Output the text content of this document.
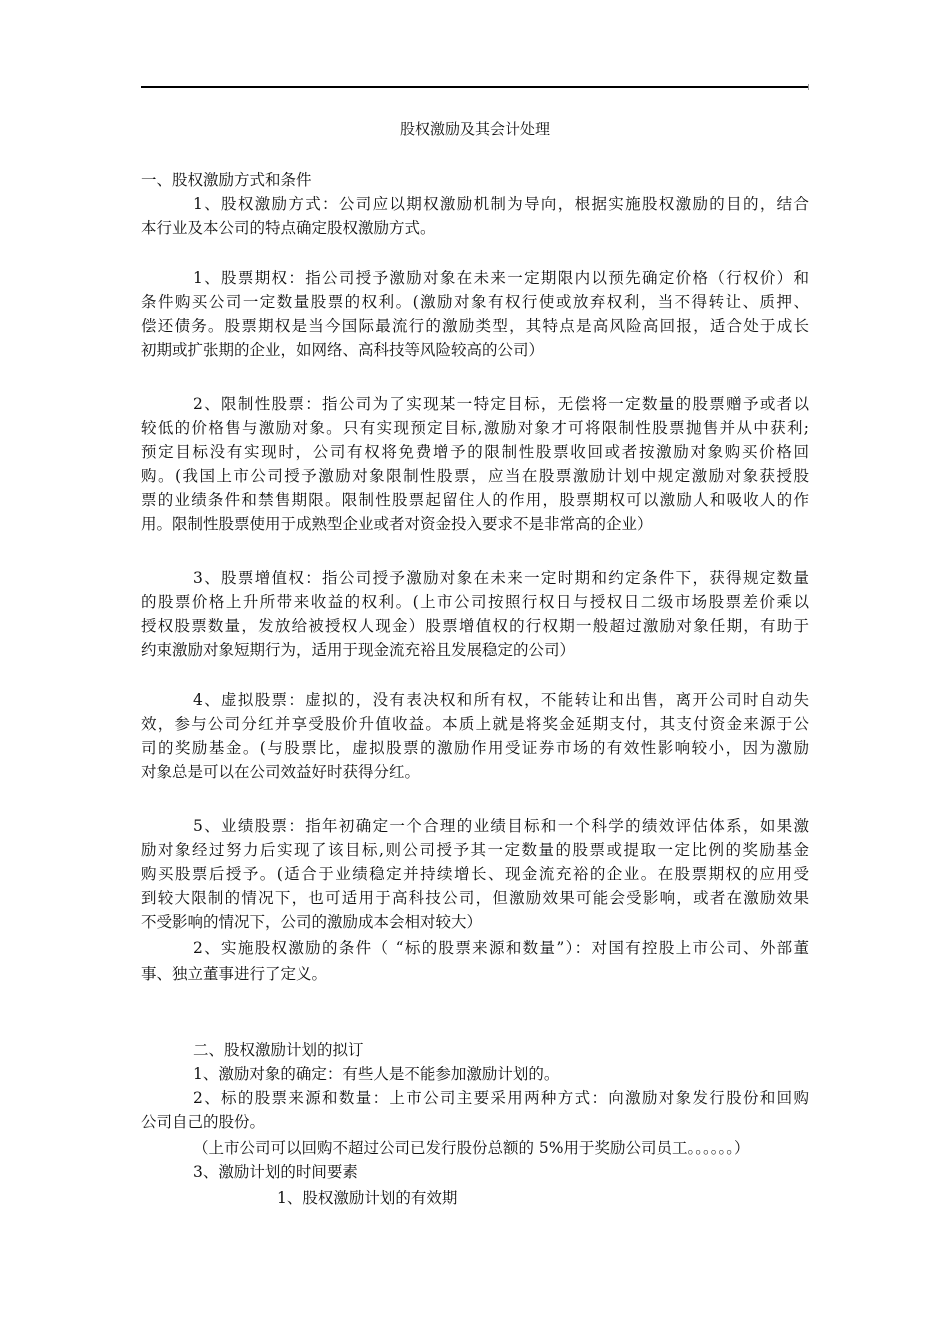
股权激励及其会计处理
一、股权激励方式和条件
1、股权激励方式：公司应以期权激励机制为导向，根据实施股权激励的目的，结合
本行业及本公司的特点确定股权激励方式。
1、股票期权：指公司授予激励对象在未来一定期限内以预先确定价格（行权价）和
条件购买公司一定数量股票的权利。(激励对象有权行使或放弃权利，当不得转让、质押、
偿还债务。股票期权是当今国际最流行的激励类型，其特点是高风险高回报，适合处于成长
初期或扩张期的企业，如网络、高科技等风险较高的公司）
2、限制性股票：指公司为了实现某一特定目标，无偿将一定数量的股票赠予或者以
较低的价格售与激励对象。只有实现预定目标,激励对象才可将限制性股票抛售并从中获利;
预定目标没有实现时，公司有权将免费增予的限制性股票收回或者按激励对象购买价格回
购。(我国上市公司授予激励对象限制性股票，应当在股票激励计划中规定激励对象获授股
票的业绩条件和禁售期限。限制性股票起留住人的作用，股票期权可以激励人和吸收人的作
用。限制性股票使用于成熟型企业或者对资金投入要求不是非常高的企业）
3、股票增值权：指公司授予激励对象在未来一定时期和约定条件下，获得规定数量
的股票价格上升所带来收益的权利。(上市公司按照行权日与授权日二级市场股票差价乘以
授权股票数量，发放给被授权人现金）股票增值权的行权期一般超过激励对象任期，有助于
约束激励对象短期行为，适用于现金流充裕且发展稳定的公司）
4、虚拟股票：虚拟的，没有表决权和所有权，不能转让和出售，离开公司时自动失
效，参与公司分红并享受股价升值收益。本质上就是将奖金延期支付，其支付资金来源于公
司的奖励基金。(与股票比，虚拟股票的激励作用受证券市场的有效性影响较小，因为激励
对象总是可以在公司效益好时获得分红。
5、业绩股票：指年初确定一个合理的业绩目标和一个科学的绩效评估体系，如果激
励对象经过努力后实现了该目标,则公司授予其一定数量的股票或提取一定比例的奖励基金
购买股票后授予。(适合于业绩稳定并持续增长、现金流充裕的企业。在股票期权的应用受
到较大限制的情况下，也可适用于高科技公司，但激励效果可能会受影响，或者在激励效果
不受影响的情况下，公司的激励成本会相对较大）
2、实施股权激励的条件（ “标的股票来源和数量”）：对国有控股上市公司、外部董
事、独立董事进行了定义。
二、股权激励计划的拟订
1、激励对象的确定：有些人是不能参加激励计划的。
2、标的股票来源和数量：上市公司主要采用两种方式：向激励对象发行股份和回购
公司自己的股份。
（上市公司可以回购不超过公司已发行股份总额的 5%用于奖励公司员工。。。。。。）
3、激励计划的时间要素
1、股权激励计划的有效期
